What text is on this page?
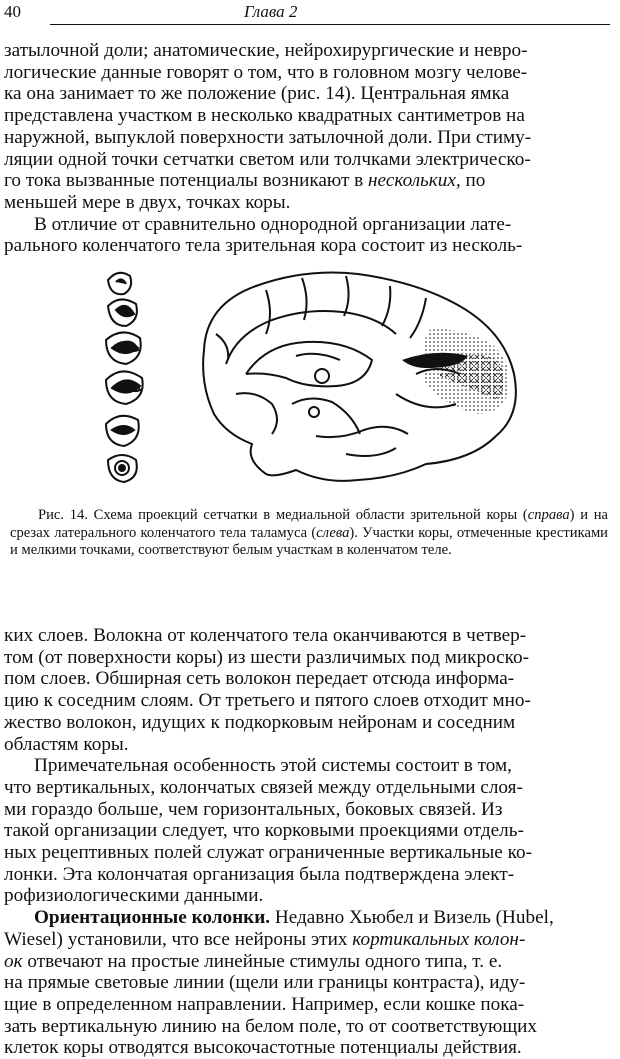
40	Глава 2

затылочной доли; анатомические, нейрохирургические и невро-

логические данные говорят о том, что в головном мозгу челове-

ка она занимает то же положение (рис. 14). Центральная ямка

представлена участком в несколько квадратных сантиметров на

наружной, выпуклой поверхности затылочной доли. При стиму-

ляции одной точки сетчатки светом или толчками электрическо-

го тока вызванные потенциалы возникают в нескольких, по

меньшей мере в двух, точках коры.

В отличие от сравнительно однородной организации лате-

рального коленчатого тела зрительная кора состоит из несколь-

Рис. 14. Схема проекций сетчатки в медиальной области зрительной коры (справа) и на срезах латерального коленчатого тела таламуса (слева). Участки коры, отмеченные крестиками и мелкими точками, соответствуют белым участкам в коленчатом теле.

ких слоев. Волокна от коленчатого тела оканчиваются в четвер-

том (от поверхности коры) из шести различимых под микроско-

пом слоев. Обширная сеть волокон передает отсюда информа-

цию к соседним слоям. От третьего и пятого слоев отходит мно-

жество волокон, идущих к подкорковым нейронам и соседним

областям коры.

Примечательная особенность этой системы состоит в том,

что вертикальных, колончатых связей между отдельными слоя-

ми гораздо больше, чем горизонтальных, боковых связей. Из

такой организации следует, что корковыми проекциями отдель-

ных рецептивных полей служат ограниченные вертикальные ко-

лонки. Эта колончатая организация была подтверждена элект-

рофизиологическими данными.

Ориентационные колонки. Недавно Хьюбел и Визель (Hubel,

Wiesel) установили, что все нейроны этих кортикальных колон-

ок отвечают на простые линейные стимулы одного типа, т. е.

на прямые световые линии (щели или границы контраста), иду-

щие в определенном направлении. Например, если кошке пока-

зать вертикальную линию на белом поле, то от соответствующих

клеток коры отводятся высокочастотные потенциалы действия.
